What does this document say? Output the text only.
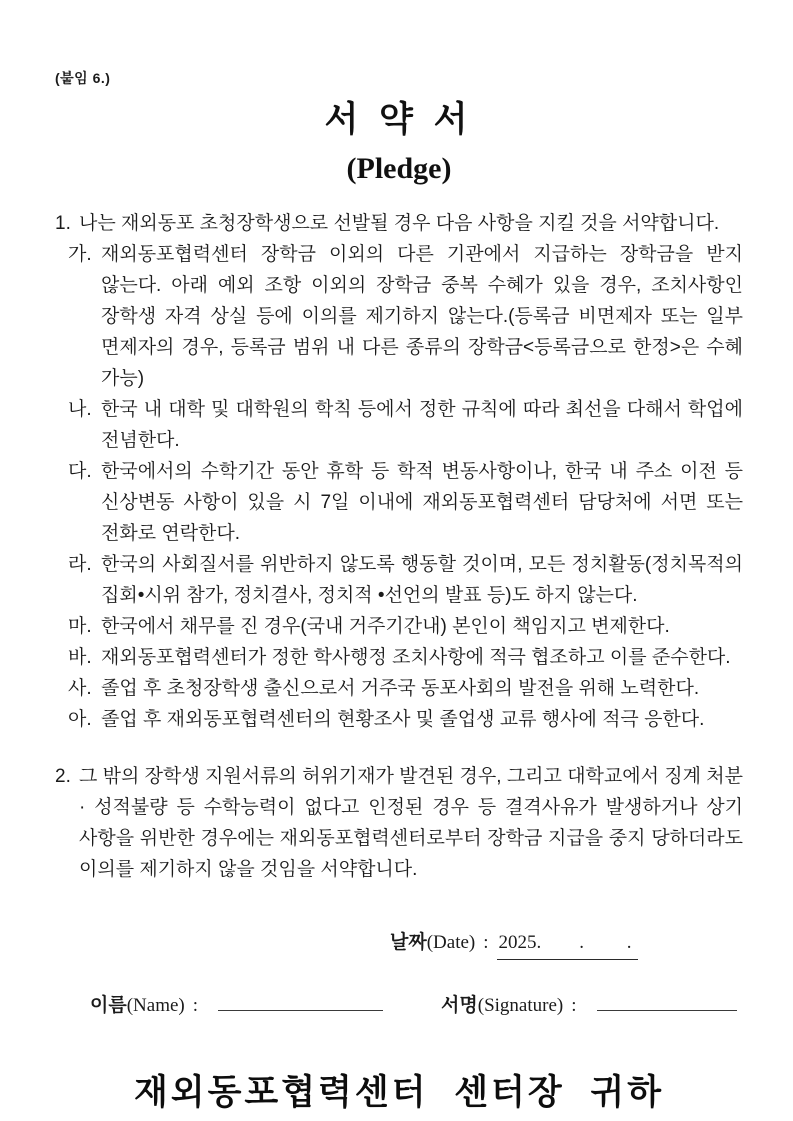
(붙임 6.)
서 약 서
(Pledge)
1. 나는 재외동포 초청장학생으로 선발될 경우 다음 사항을 지킬 것을 서약합니다.
가. 재외동포협력센터 장학금 이외의 다른 기관에서 지급하는 장학금을 받지 않는다. 아래 예외 조항 이외의 장학금 중복 수혜가 있을 경우, 조치사항인 장학생 자격 상실 등에 이의를 제기하지 않는다.(등록금 비면제자 또는 일부 면제자의 경우, 등록금 범위 내 다른 종류의 장학금<등록금으로 한정>은 수혜 가능)
나. 한국 내 대학 및 대학원의 학칙 등에서 정한 규칙에 따라 최선을 다해서 학업에 전념한다.
다. 한국에서의 수학기간 동안 휴학 등 학적 변동사항이나, 한국 내 주소 이전 등 신상변동 사항이 있을 시 7일 이내에 재외동포협력센터 담당처에 서면 또는 전화로 연락한다.
라. 한국의 사회질서를 위반하지 않도록 행동할 것이며, 모든 정치활동(정치목적의 집회•시위 참가, 정치결사, 정치적 •선언의 발표 등)도 하지 않는다.
마. 한국에서 채무를 진 경우(국내 거주기간내) 본인이 책임지고 변제한다.
바. 재외동포협력센터가 정한 학사행정 조치사항에 적극 협조하고 이를 준수한다.
사. 졸업 후 초청장학생 출신으로서 거주국 동포사회의 발전을 위해 노력한다.
아. 졸업 후 재외동포협력센터의 현황조사 및 졸업생 교류 행사에 적극 응한다.
2. 그 밖의 장학생 지원서류의 허위기재가 발견된 경우, 그리고 대학교에서 징계 처분 · 성적불량 등 수학능력이 없다고 인정된 경우 등 결격사유가 발생하거나 상기 사항을 위반한 경우에는 재외동포협력센터로부터 장학금 지급을 중지 당하더라도 이의를 제기하지 않을 것임을 서약합니다.
날짜 (Date) : 2025.        .         .
이름 (Name) :	서명(Signature) :
재외동포협력센터 센터장 귀하
